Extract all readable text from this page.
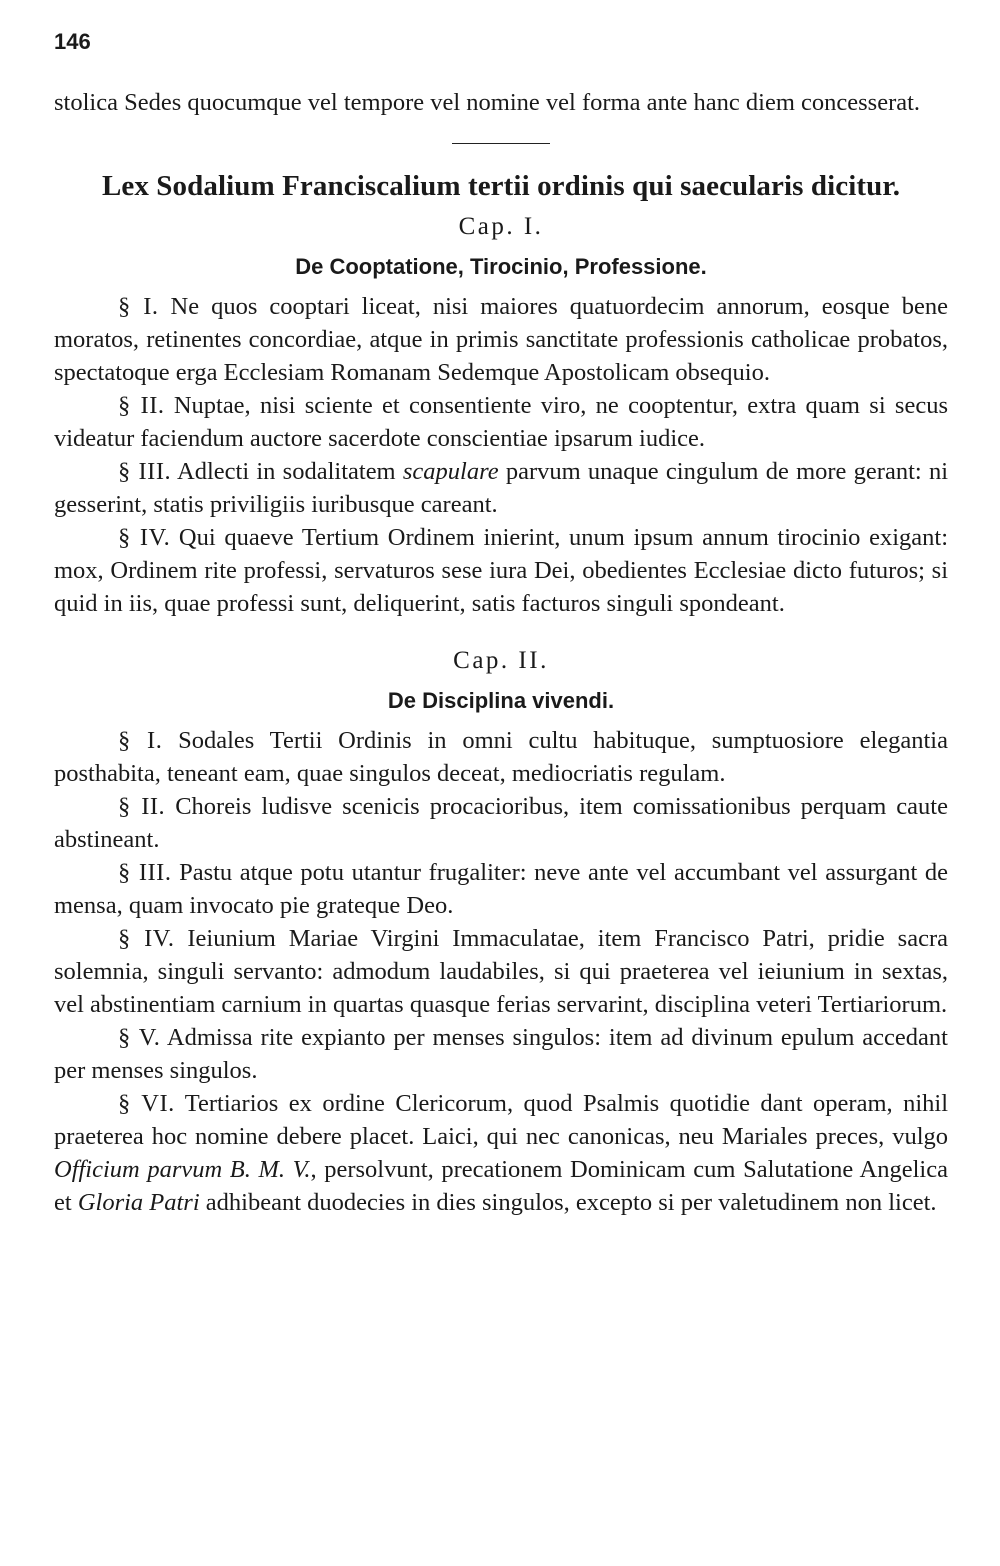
146

stolica Sedes quocumque vel tempore vel nomine vel forma ante hanc diem concesserat.

Lex Sodalium Franciscalium tertii ordinis qui saecularis dicitur.
Cap. I.
De Cooptatione, Tirocinio, Professione.

§ I. Ne quos cooptari liceat, nisi maiores quatuordecim annorum, eosque bene moratos, retinentes concordiae, atque in primis sanctitate professionis catholicae probatos, spectatoque erga Ecclesiam Romanam Sedemque Apostolicam obsequio.

§ II. Nuptae, nisi sciente et consentiente viro, ne cooptentur, extra quam si secus videatur faciendum auctore sacerdote conscientiae ipsarum iudice.

§ III. Adlecti in sodalitatem scapulare parvum unaque cingulum de more gerant: ni gesserint, statis priviligiis iuribusque careant.

§ IV. Qui quaeve Tertium Ordinem inierint, unum ipsum annum tirocinio exigant: mox, Ordinem rite professi, servaturos sese iura Dei, obedientes Ecclesiae dicto futuros; si quid in iis, quae professi sunt, deliquerint, satis facturos singuli spondeant.

Cap. II.
De Disciplina vivendi.

§ I. Sodales Tertii Ordinis in omni cultu habituque, sumptuosiore elegantia posthabita, teneant eam, quae singulos deceat, mediocriatis regulam.

§ II. Choreis ludisve scenicis procacioribus, item comissationibus perquam caute abstineant.

§ III. Pastu atque potu utantur frugaliter: neve ante vel accumbant vel assurgant de mensa, quam invocato pie grateque Deo.

§ IV. Ieiunium Mariae Virgini Immaculatae, item Francisco Patri, pridie sacra solemnia, singuli servanto: admodum laudabiles, si qui praeterea vel ieiunium in sextas, vel abstinentiam carnium in quartas quasque ferias servarint, disciplina veteri Tertiariorum.

§ V. Admissa rite expianto per menses singulos: item ad divinum epulum accedant per menses singulos.

§ VI. Tertiarios ex ordine Clericorum, quod Psalmis quotidie dant operam, nihil praeterea hoc nomine debere placet. Laici, qui nec canonicas, neu Mariales preces, vulgo Officium parvum B. M. V., persolvunt, precationem Dominicam cum Salutatione Angelica et Gloria Patri adhibeant duodecies in dies singulos, excepto si per valetudinem non licet.
